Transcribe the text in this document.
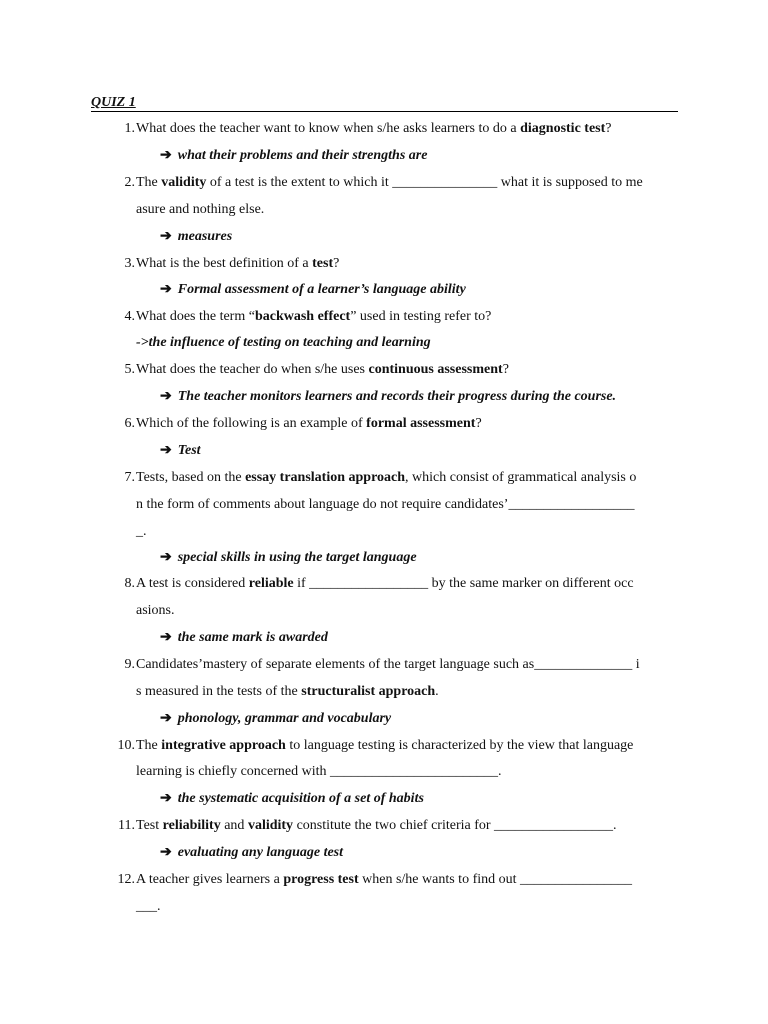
QUIZ 1
1. What does the teacher want to know when s/he asks learners to do a diagnostic test?
➔ what their problems and their strengths are
2. The validity of a test is the extent to which it _______________ what it is supposed to me
asure and nothing else.
➔ measures
3. What is the best definition of a test?
➔ Formal assessment of a learner’s language ability
4. What does the term “backwash effect” used in testing refer to?
->the influence of testing on teaching and learning
5. What does the teacher do when s/he uses continuous assessment?
➔ The teacher monitors learners and records their progress during the course.
6. Which of the following is an example of formal assessment?
➔ Test
7. Tests, based on the essay translation approach, which consist of grammatical analysis o
n the form of comments about language do not require candidates’__________________
_.
➔ special skills in using the target language
8. A test is considered reliable if _________________ by the same marker on different occ
asions.
➔ the same mark is awarded
9. Candidates’mastery of separate elements of the target language such as______________ i
s measured in the tests of the structuralist approach.
➔ phonology, grammar and vocabulary
10. The integrative approach to language testing is characterized by the view that language
learning is chiefly concerned with ________________________.
➔ the systematic acquisition of a set of habits
11. Test reliability and validity constitute the two chief criteria for _________________.
➔ evaluating any language test
12. A teacher gives learners a progress test when s/he wants to find out ________________
___.
